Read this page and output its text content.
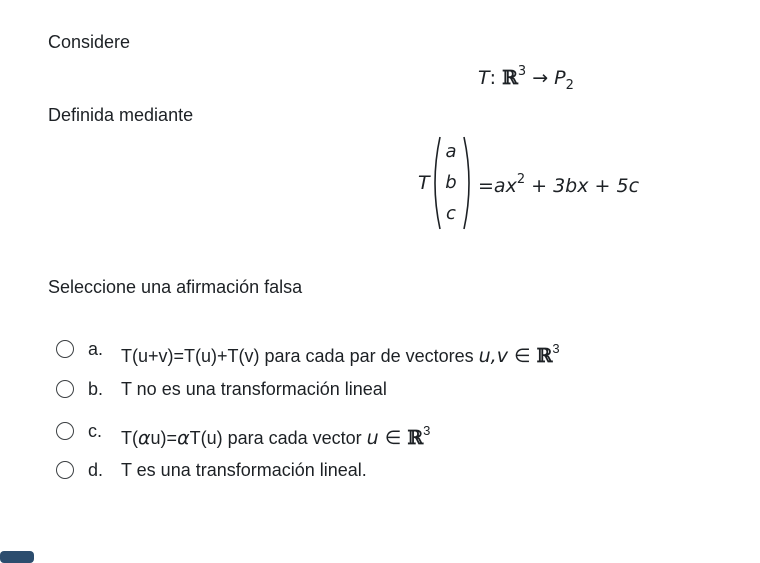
Considere
T: ℝ$^3$ → $P_2$
Definida mediante
T
a
b
c
$=ax^2 + 3bx + 5c$
Seleccione una afirmación falsa
a. T(u+v)=T(u)+T(v) para cada par de vectores u,v ∈ ℝ$^3$
b. T no es una transformación lineal
c. T(αu)=αT(u) para cada vector u ∈ ℝ$^3$
d. T es una transformación lineal.
